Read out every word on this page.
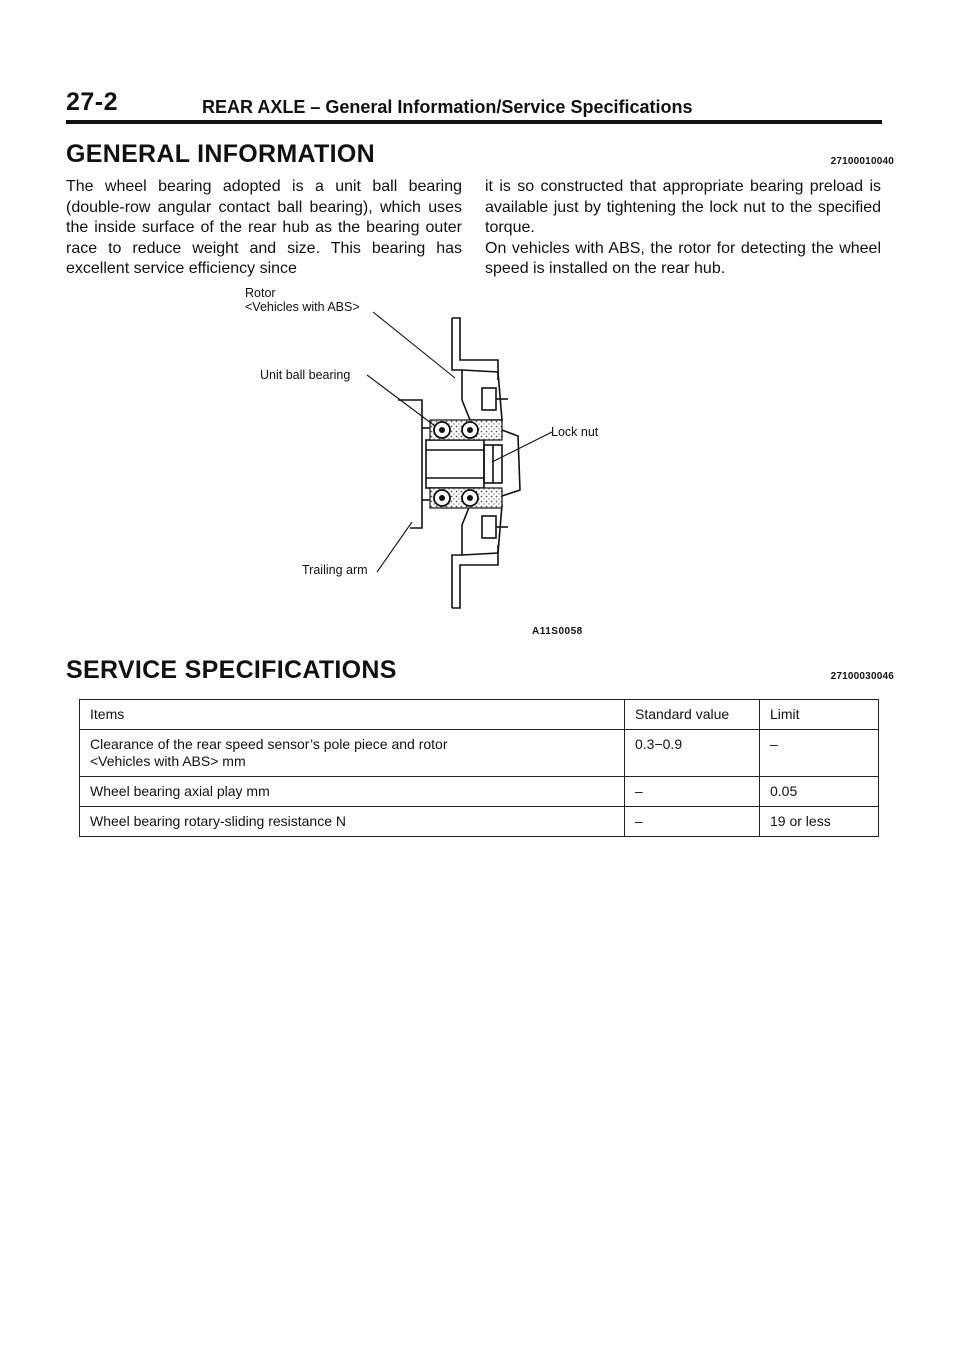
27-2	REAR AXLE – General Information/Service Specifications
GENERAL INFORMATION	27100010040

The wheel bearing adopted is a unit ball bearing (double-row angular contact ball bearing), which uses the inside surface of the rear hub as the bearing outer race to reduce weight and size. This bearing has excellent service efficiency since

it is so constructed that appropriate bearing preload is available just by tightening the lock nut to the specified torque.

On vehicles with ABS, the rotor for detecting the wheel speed is installed on the rear hub.

Rotor
<Vehicles with ABS>
Unit ball bearing
Lock nut
Trailing arm
A11S0058
SERVICE SPECIFICATIONS	27100030046
Items	Standard value	Limit

Clearance of the rear speed sensor’s pole piece and rotor
<Vehicles with ABS> mm	0.3−0.9	–
Wheel bearing axial play mm	–	0.05
Wheel bearing rotary-sliding resistance N	–	19 or less
